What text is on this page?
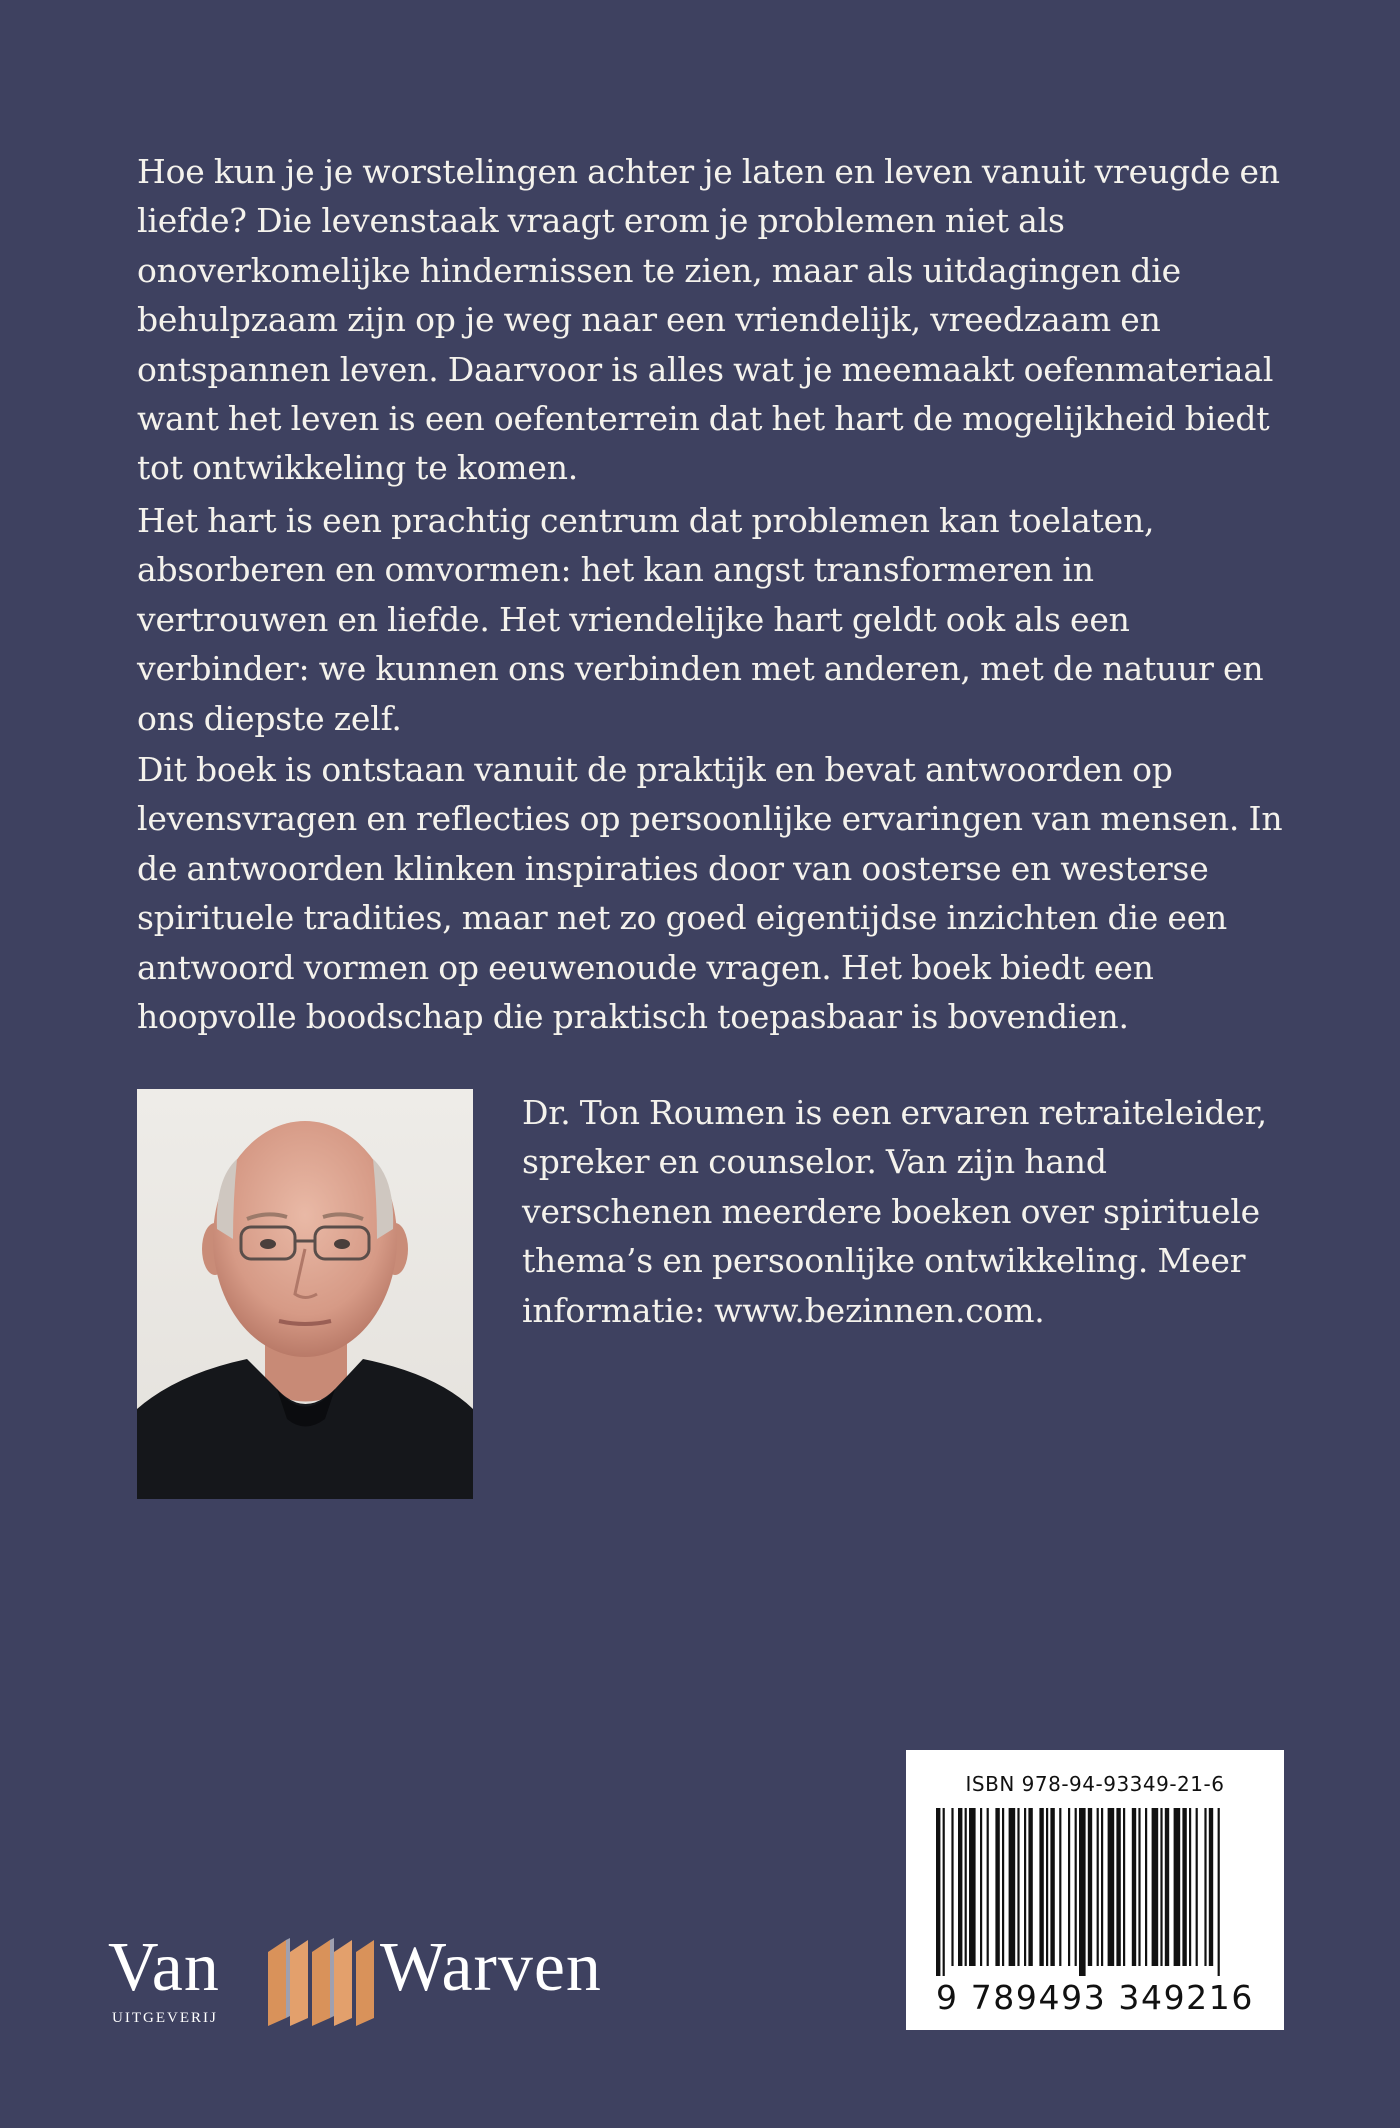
Hoe kun je je worstelingen achter je laten en leven vanuit vreugde en liefde? Die levenstaak vraagt erom je problemen niet als onoverkomelijke hindernissen te zien, maar als uitdagingen die behulpzaam zijn op je weg naar een vriendelijk, vreedzaam en ontspannen leven. Daarvoor is alles wat je meemaakt oefenmateriaal want het leven is een oefenterrein dat het hart de mogelijkheid biedt tot ontwikkeling te komen.

Het hart is een prachtig centrum dat problemen kan toelaten, absorberen en omvormen: het kan angst transformeren in vertrouwen en liefde. Het vriendelijke hart geldt ook als een verbinder: we kunnen ons verbinden met anderen, met de natuur en ons diepste zelf.

Dit boek is ontstaan vanuit de praktijk en bevat antwoorden op levensvragen en reflecties op persoonlijke ervaringen van mensen. In de antwoorden klinken inspiraties door van oosterse en westerse spirituele tradities, maar net zo goed eigentijdse inzichten die een antwoord vormen op eeuwenoude vragen. Het boek biedt een hoopvolle boodschap die praktisch toepasbaar is bovendien.

Dr. Ton Roumen is een ervaren retraiteleider, spreker en counselor. Van zijn hand verschenen meerdere boeken over spirituele thema’s en persoonlijke ontwikkeling. Meer informatie: www.bezinnen.com.

Van Warven
UITGEVERIJ
ISBN 978-94-93349-21-6
9 789493 349216
